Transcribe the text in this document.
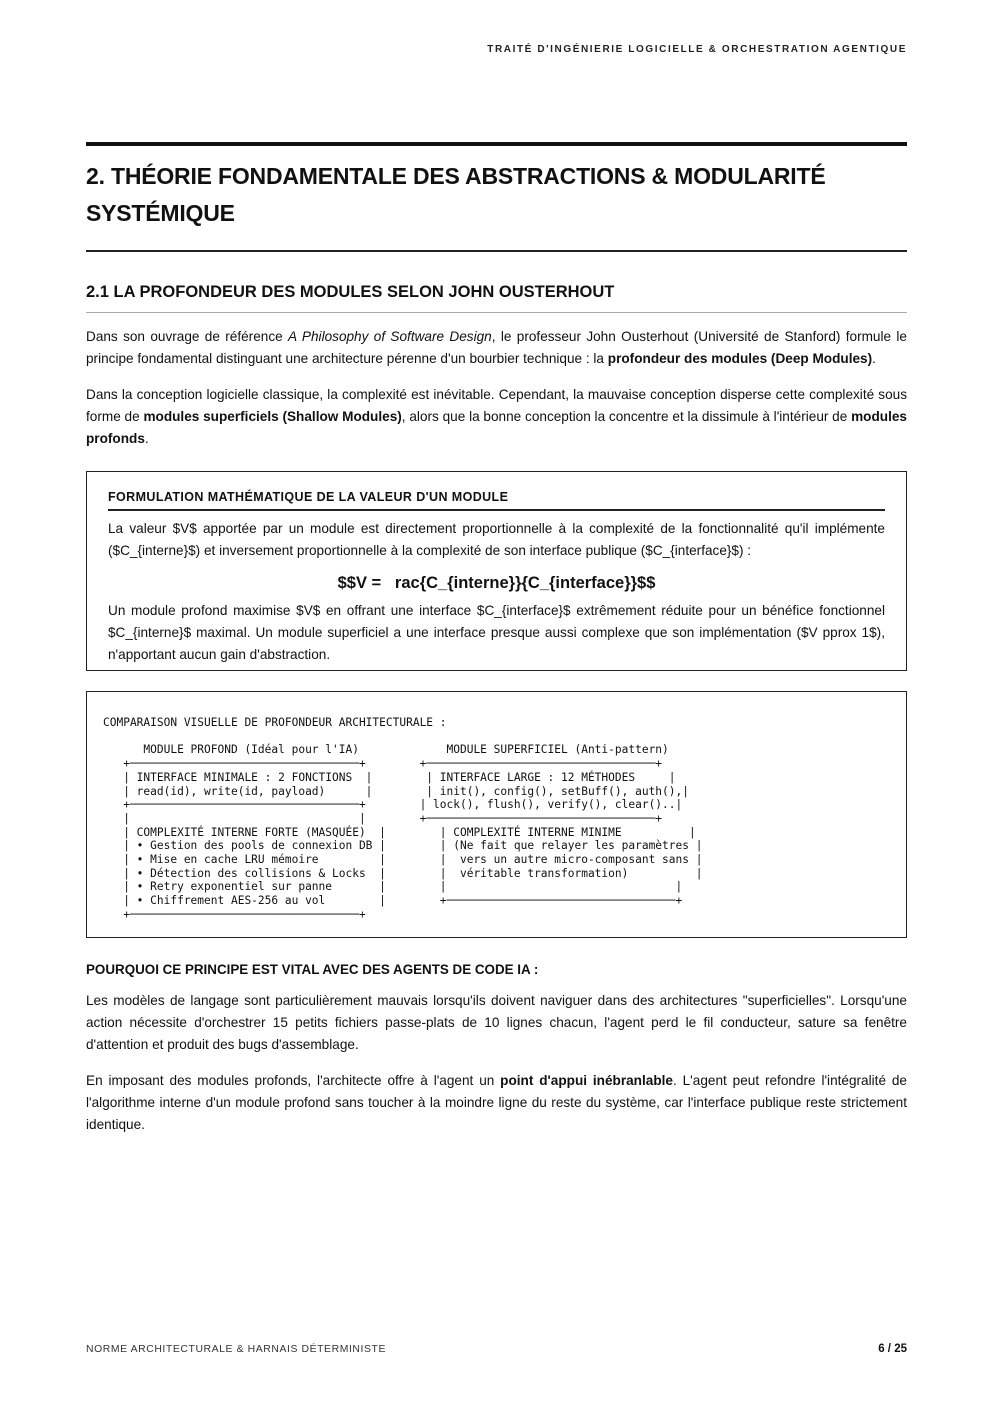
TRAITÉ D'INGÉNIERIE LOGICIELLE & ORCHESTRATION AGENTIQUE
2. THÉORIE FONDAMENTALE DES ABSTRACTIONS & MODULARITÉ
SYSTÉMIQUE
2.1 LA PROFONDEUR DES MODULES SELON JOHN OUSTERHOUT

Dans son ouvrage de référence A Philosophy of Software Design, le professeur John Ousterhout (Université de Stanford) formule le principe fondamental distinguant une architecture pérenne d'un bourbier technique : la profondeur des modules (Deep Modules).

Dans la conception logicielle classique, la complexité est inévitable. Cependant, la mauvaise conception disperse cette complexité sous forme de modules superficiels (Shallow Modules), alors que la bonne conception la concentre et la dissimule à l'intérieur de modules profonds.

FORMULATION MATHÉMATIQUE DE LA VALEUR D'UN MODULE

La valeur $V$ apportée par un module est directement proportionnelle à la complexité de la fonctionnalité qu'il implémente ($C_{interne}$) et inversement proportionnelle à la complexité de son interface publique ($C_{interface}$) :

$$V =   rac{C_{interne}}{C_{interface}}$$

Un module profond maximise $V$ en offrant une interface $C_{interface}$ extrêmement réduite pour un bénéfice fonctionnel $C_{interne}$ maximal. Un module superficiel a une interface presque aussi complexe que son implémentation ($V pprox 1$), n'apportant aucun gain d'abstraction.

COMPARAISON VISUELLE DE PROFONDEUR ARCHITECTURALE :

MODULE PROFOND (Idéal pour l'IA)             MODULE SUPERFICIEL (Anti-pattern)
+──────────────────────────────────+        +──────────────────────────────────+
| INTERFACE MINIMALE : 2 FONCTIONS  |        | INTERFACE LARGE : 12 MÉTHODES     |
| read(id), write(id, payload)      |        | init(), config(), setBuff(), auth(),|
+──────────────────────────────────+        | lock(), flush(), verify(), clear()..|
|                                  |        +──────────────────────────────────+
| COMPLEXITÉ INTERNE FORTE (MASQUÉE)  |        | COMPLEXITÉ INTERNE MINIME          |
| • Gestion des pools de connexion DB |        | (Ne fait que relayer les paramètres |
| • Mise en cache LRU mémoire         |        |  vers un autre micro-composant sans |
| • Détection des collisions & Locks  |        |  véritable transformation)          |
| • Retry exponentiel sur panne       |        |                                  |
| • Chiffrement AES-256 au vol        |        +──────────────────────────────────+
+──────────────────────────────────+
POURQUOI CE PRINCIPE EST VITAL AVEC DES AGENTS DE CODE IA :

Les modèles de langage sont particulièrement mauvais lorsqu'ils doivent naviguer dans des architectures "superficielles". Lorsqu'une action nécessite d'orchestrer 15 petits fichiers passe-plats de 10 lignes chacun, l'agent perd le fil conducteur, sature sa fenêtre d'attention et produit des bugs d'assemblage.

En imposant des modules profonds, l'architecte offre à l'agent un point d'appui inébranlable. L'agent peut refondre l'intégralité de l'algorithme interne d'un module profond sans toucher à la moindre ligne du reste du système, car l'interface publique reste strictement identique.

NORME ARCHITECTURALE & HARNAIS DÉTERMINISTE	6 / 25
